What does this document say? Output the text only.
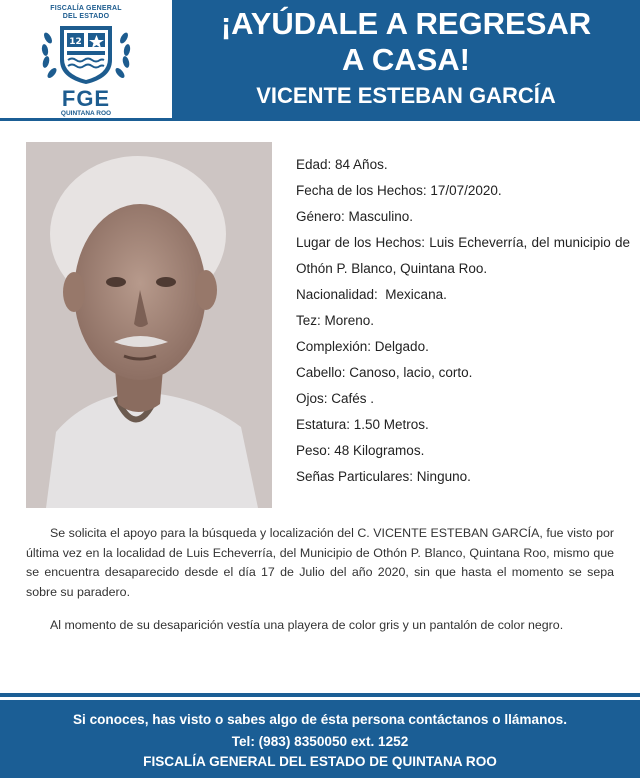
FISCALÍA GENERAL
DEL ESTADO
12
FGE
QUINTANA ROO
¡AYÚDALE A REGRESAR
A CASA!
VICENTE ESTEBAN GARCÍA
Edad: 84 Años.
Fecha de los Hechos: 17/07/2020.
Género: Masculino.
Lugar de los Hechos: Luis Echeverría, del municipio de Othón P. Blanco, Quintana Roo.
Nacionalidad:  Mexicana.
Tez: Moreno.
Complexión: Delgado.
Cabello: Canoso, lacio, corto.
Ojos: Cafés .
Estatura: 1.50 Metros.
Peso: 48 Kilogramos.
Señas Particulares: Ninguno.
Se solicita el apoyo para la búsqueda y localización del C. VICENTE ESTEBAN GARCÍA, fue visto por última vez en la localidad de Luis Echeverría, del Municipio de Othón P. Blanco, Quintana Roo, mismo que se encuentra desaparecido desde el día 17 de Julio del año 2020, sin que hasta el momento se sepa sobre su paradero.
Al momento de su desaparición vestía una playera de color gris y un pantalón de color negro.
Si conoces, has visto o sabes algo de ésta persona contáctanos o llámanos.
Tel: (983) 8350050 ext. 1252
FISCALÍA GENERAL DEL ESTADO DE QUINTANA ROO
